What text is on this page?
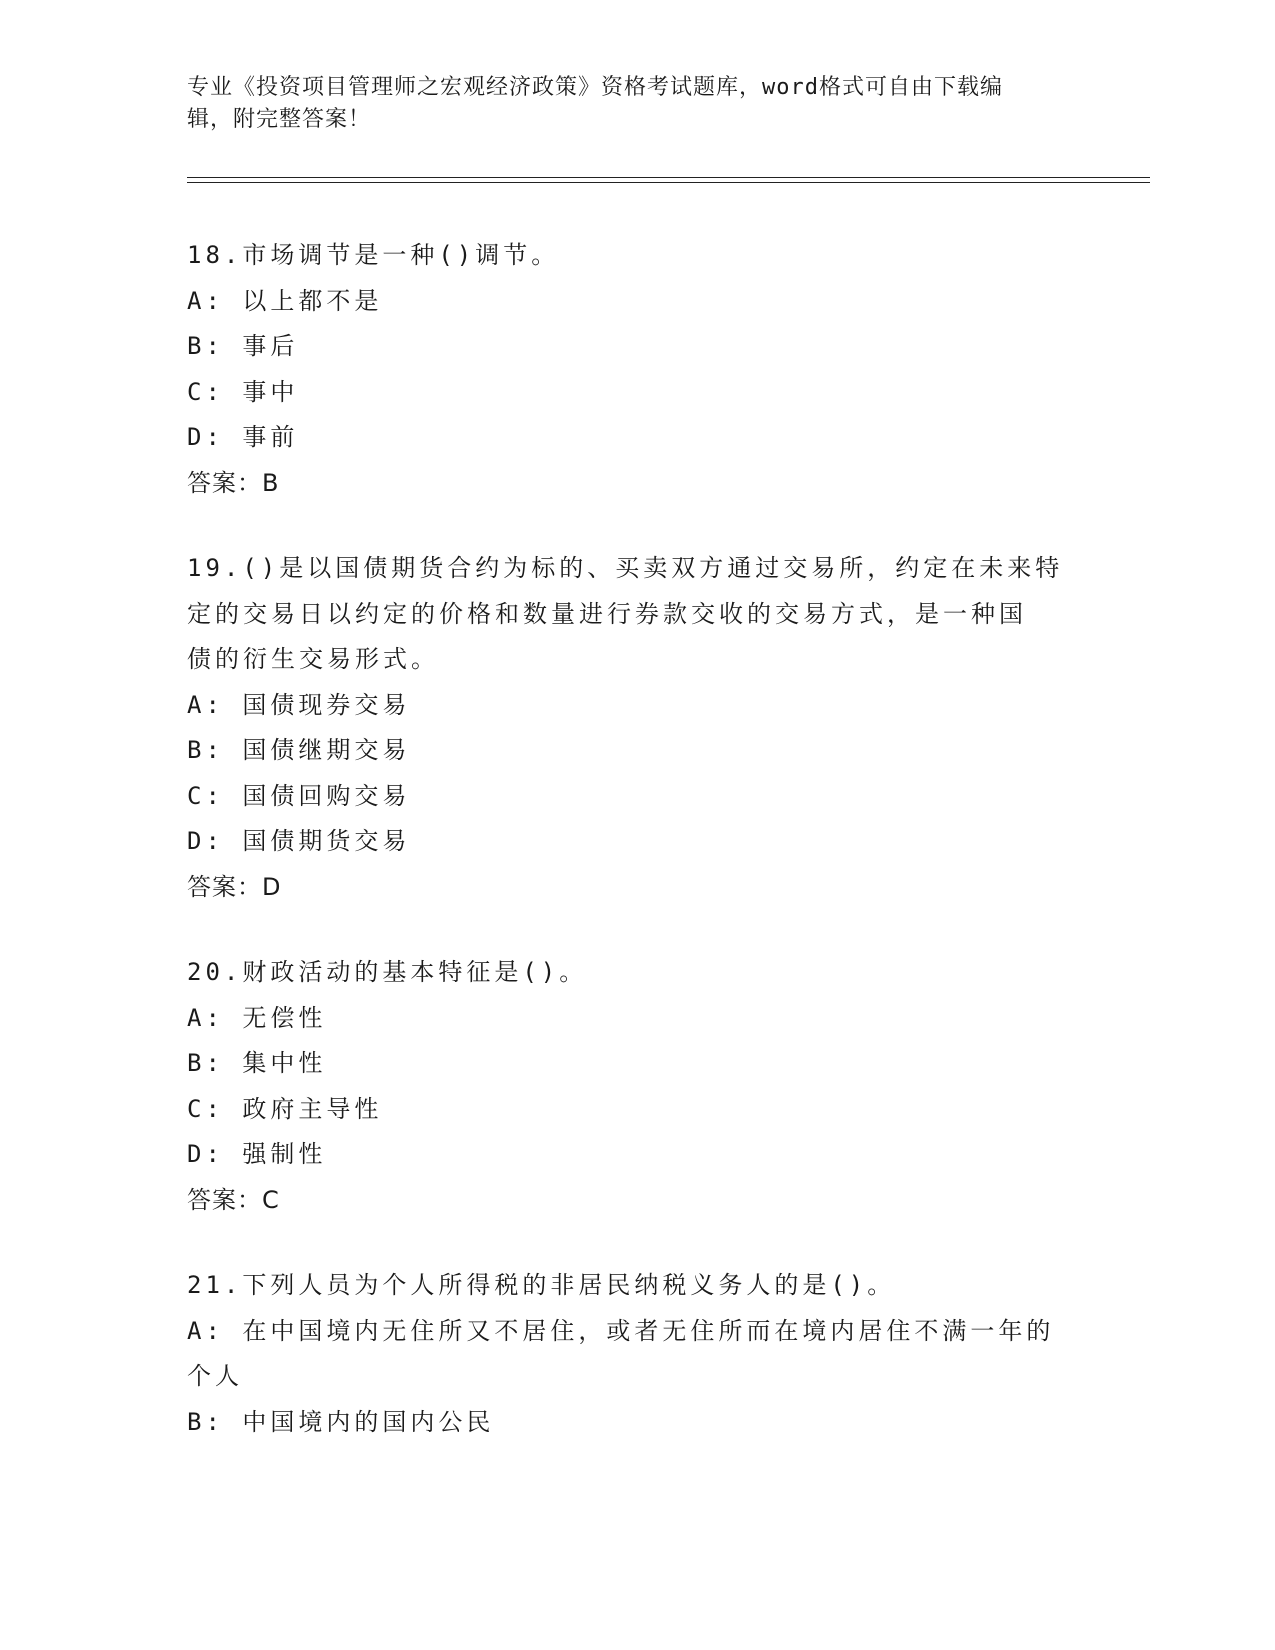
专业《投资项目管理师之宏观经济政策》资格考试题库，word格式可自由下载编
辑，附完整答案！
18.市场调节是一种()调节。
A: 以上都不是
B: 事后
C: 事中
D: 事前
答案：B
19.()是以国债期货合约为标的、买卖双方通过交易所，约定在未来特
定的交易日以约定的价格和数量进行券款交收的交易方式，是一种国
债的衍生交易形式。
A: 国债现券交易
B: 国债继期交易
C: 国债回购交易
D: 国债期货交易
答案：D
20.财政活动的基本特征是()。
A: 无偿性
B: 集中性
C: 政府主导性
D: 强制性
答案：C
21.下列人员为个人所得税的非居民纳税义务人的是()。
A: 在中国境内无住所又不居住，或者无住所而在境内居住不满一年的
个人
B: 中国境内的国内公民
